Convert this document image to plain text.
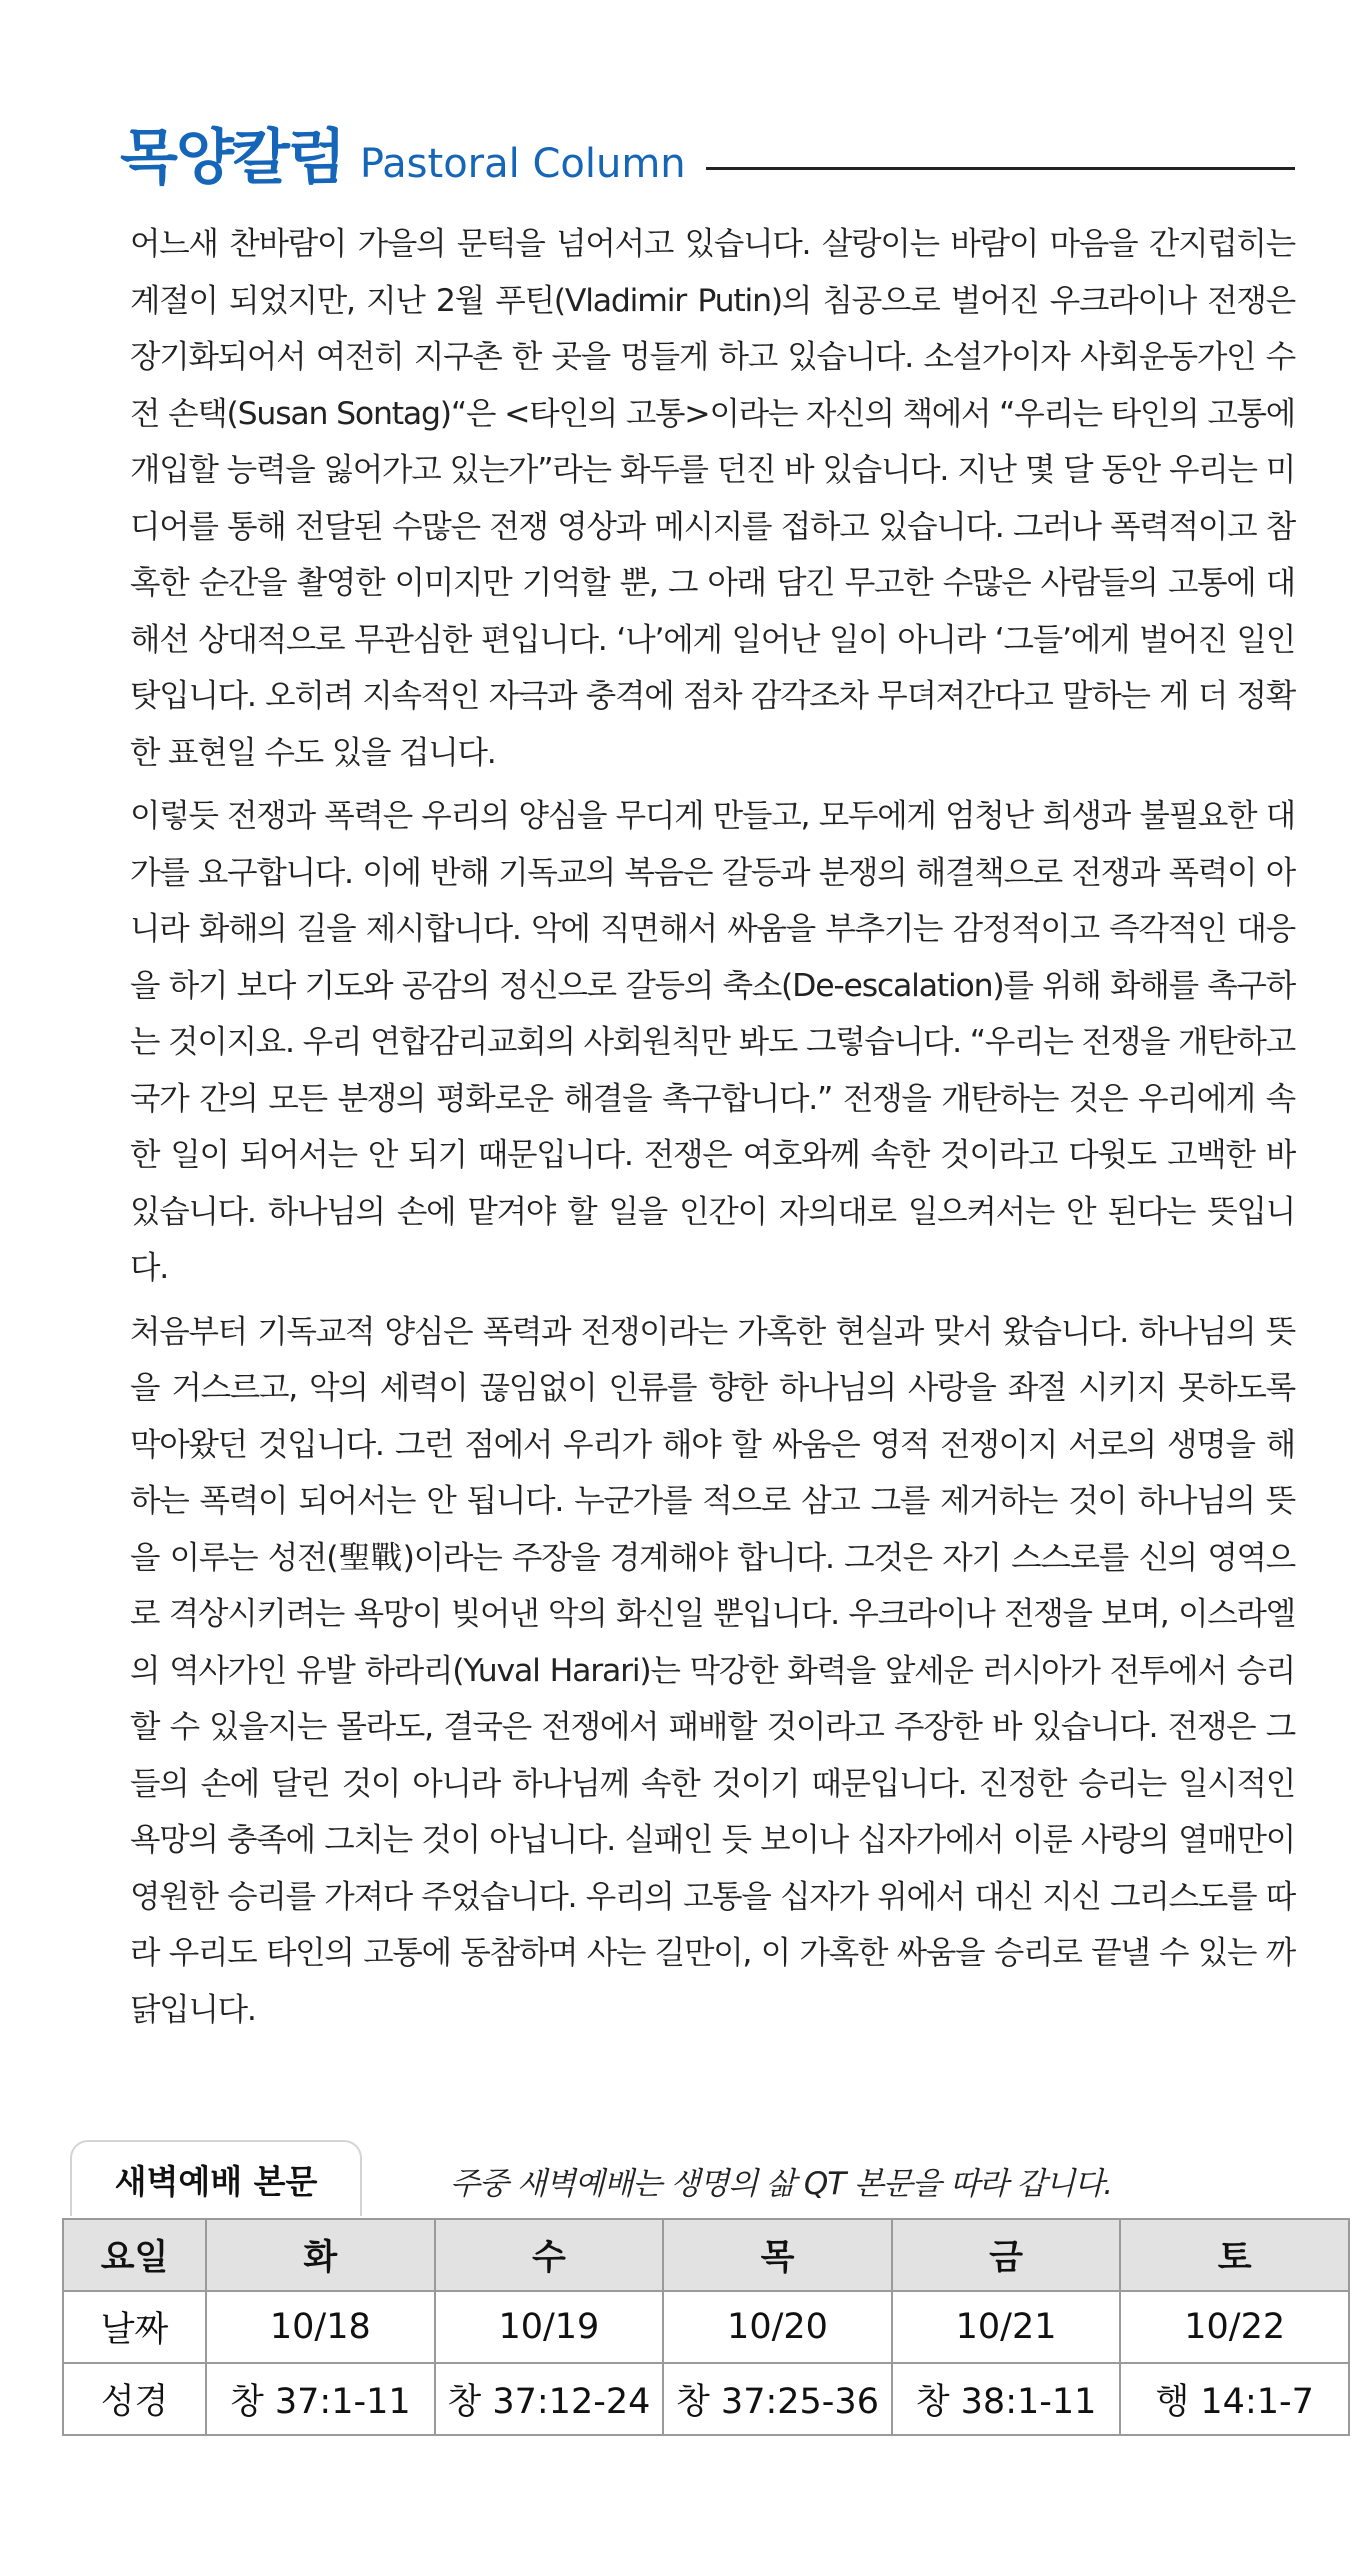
목양칼럼 Pastoral Column

어느새 찬바람이 가을의 문턱을 넘어서고 있습니다. 살랑이는 바람이 마음을 간지럽히는 계절이 되었지만, 지난 2월 푸틴(Vladimir Putin)의 침공으로 벌어진 우크라이나 전쟁은 장기화되어서 여전히 지구촌 한 곳을 멍들게 하고 있습니다. 소설가이자 사회운동가인 수전 손택(Susan Sontag)“은 <타인의 고통>이라는 자신의 책에서 “우리는 타인의 고통에 개입할 능력을 잃어가고 있는가”라는 화두를 던진 바 있습니다. 지난 몇 달 동안 우리는 미디어를 통해 전달된 수많은 전쟁 영상과 메시지를 접하고 있습니다. 그러나 폭력적이고 참혹한 순간을 촬영한 이미지만 기억할 뿐, 그 아래 담긴 무고한 수많은 사람들의 고통에 대해선 상대적으로 무관심한 편입니다. ‘나’에게 일어난 일이 아니라 ‘그들’에게 벌어진 일인 탓입니다. 오히려 지속적인 자극과 충격에 점차 감각조차 무뎌져간다고 말하는 게 더 정확한 표현일 수도 있을 겁니다.

이렇듯 전쟁과 폭력은 우리의 양심을 무디게 만들고, 모두에게 엄청난 희생과 불필요한 대가를 요구합니다. 이에 반해 기독교의 복음은 갈등과 분쟁의 해결책으로 전쟁과 폭력이 아니라 화해의 길을 제시합니다. 악에 직면해서 싸움을 부추기는 감정적이고 즉각적인 대응을 하기 보다 기도와 공감의 정신으로 갈등의 축소(De-escalation)를 위해 화해를 촉구하는 것이지요. 우리 연합감리교회의 사회원칙만 봐도 그렇습니다. “우리는 전쟁을 개탄하고 국가 간의 모든 분쟁의 평화로운 해결을 촉구합니다.” 전쟁을 개탄하는 것은 우리에게 속한 일이 되어서는 안 되기 때문입니다. 전쟁은 여호와께 속한 것이라고 다윗도 고백한 바 있습니다. 하나님의 손에 맡겨야 할 일을 인간이 자의대로 일으켜서는 안 된다는 뜻입니다.

처음부터 기독교적 양심은 폭력과 전쟁이라는 가혹한 현실과 맞서 왔습니다. 하나님의 뜻을 거스르고, 악의 세력이 끊임없이 인류를 향한 하나님의 사랑을 좌절 시키지 못하도록 막아왔던 것입니다. 그런 점에서 우리가 해야 할 싸움은 영적 전쟁이지 서로의 생명을 해하는 폭력이 되어서는 안 됩니다. 누군가를 적으로 삼고 그를 제거하는 것이 하나님의 뜻을 이루는 성전(聖戰)이라는 주장을 경계해야 합니다. 그것은 자기 스스로를 신의 영역으로 격상시키려는 욕망이 빚어낸 악의 화신일 뿐입니다. 우크라이나 전쟁을 보며, 이스라엘의 역사가인 유발 하라리(Yuval Harari)는 막강한 화력을 앞세운 러시아가 전투에서 승리할 수 있을지는 몰라도, 결국은 전쟁에서 패배할 것이라고 주장한 바 있습니다. 전쟁은 그들의 손에 달린 것이 아니라 하나님께 속한 것이기 때문입니다. 진정한 승리는 일시적인 욕망의 충족에 그치는 것이 아닙니다. 실패인 듯 보이나 십자가에서 이룬 사랑의 열매만이 영원한 승리를 가져다 주었습니다. 우리의 고통을 십자가 위에서 대신 지신 그리스도를 따라 우리도 타인의 고통에 동참하며 사는 길만이, 이 가혹한 싸움을 승리로 끝낼 수 있는 까닭입니다.

새벽예배 본문	주중 새벽예배는 생명의 삶 QT 본문을 따라 갑니다.
요일	화	수	목	금	토
날짜	10/18	10/19	10/20	10/21	10/22
성경	창 37:1-11	창 37:12-24	창 37:25-36	창 38:1-11	행 14:1-7
